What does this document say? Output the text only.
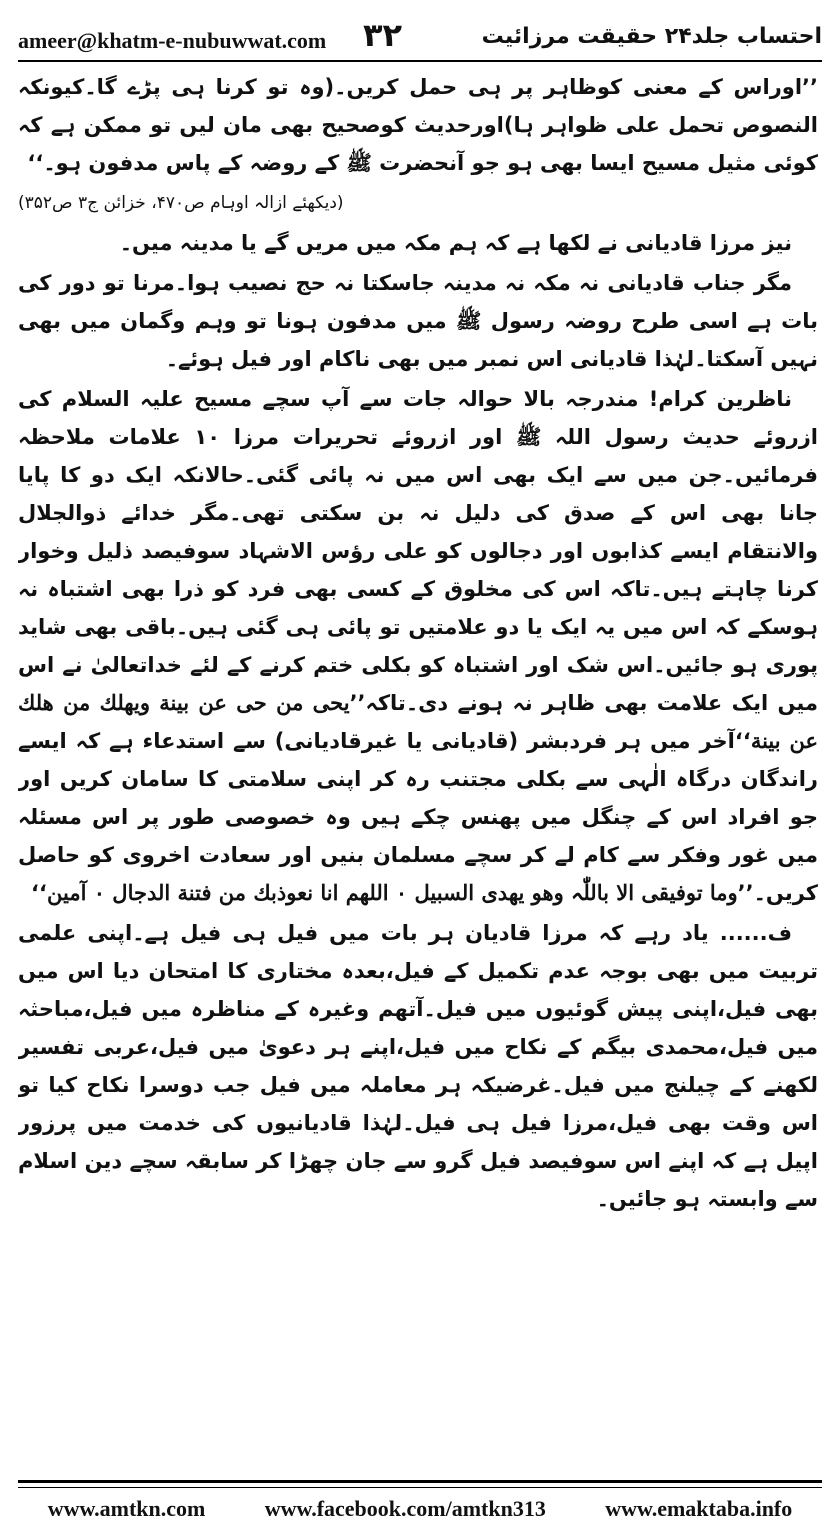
ameer@khatm-e-nubuwwat.com ۳۲	احتساب جلد۲۴ حقیقت مرزائیت

’’اوراس کے معنی کوظاہر پر ہی حمل کریں۔(وہ تو کرنا ہی پڑے گا۔کیونکہ النصوص تحمل علی ظواہر ہا)اورحدیث کوصحیح بھی مان لیں تو ممکن ہے کہ کوئی مثیل مسیح ایسا بھی ہو جو آنحضرت ﷺ کے روضہ کے پاس مدفون ہو۔‘‘

(دیکھئے ازالہ اوہام ص۴۷۰، خزائن ج۳ ص۳۵۲)

نیز مرزا قادیانی نے لکھا ہے کہ ہم مکہ میں مریں گے یا مدینہ میں۔

مگر جناب قادیانی نہ مکہ نہ مدینہ جاسکتا نہ حج نصیب ہوا۔مرنا تو دور کی بات ہے اسی طرح روضہ رسول ﷺ میں مدفون ہونا تو وہم وگمان میں بھی نہیں آسکتا۔لہٰذا قادیانی اس نمبر میں بھی ناکام اور فیل ہوئے۔

ناظرین کرام! مندرجہ بالا حوالہ جات سے آپ سچے مسیح علیہ السلام کی ازروئے حدیث رسول اللہ ﷺ اور ازروئے تحریرات مرزا ۱۰ علامات ملاحظہ فرمائیں۔جن میں سے ایک بھی اس میں نہ پائی گئی۔حالانکہ ایک دو کا پایا جانا بھی اس کے صدق کی دلیل نہ بن سکتی تھی۔مگر خدائے ذوالجلال والانتقام ایسے کذابوں اور دجالوں کو علی رؤس الاشہاد سوفیصد ذلیل وخوار کرنا چاہتے ہیں۔تاکہ اس کی مخلوق کے کسی بھی فرد کو ذرا بھی اشتباہ نہ ہوسکے کہ اس میں یہ ایک یا دو علامتیں تو پائی ہی گئی ہیں۔باقی بھی شاید پوری ہو جائیں۔اس شک اور اشتباہ کو بکلی ختم کرنے کے لئے خداتعالیٰ نے اس میں ایک علامت بھی ظاہر نہ ہونے دی۔تاکہ’’یحی من حی عن بینة ویهلك من هلك عن بینة‘‘آخر میں ہر فردبشر (قادیانی یا غیرقادیانی) سے استدعاء ہے کہ ایسے راندگان درگاہ الٰہی سے بکلی مجتنب رہ کر اپنی سلامتی کا سامان کریں اور جو افراد اس کے چنگل میں پھنس چکے ہیں وہ خصوصی طور پر اس مسئلہ میں غور وفکر سے کام لے کر سچے مسلمان بنیں اور سعادت اخروی کو حاصل کریں۔’’وما توفیقی الا باللّٰہ وهو یهدی السبیل ۰ اللهم انا نعوذبك من فتنة الدجال ۰ آمین‘‘

ف...... یاد رہے کہ مرزا قادیان ہر بات میں فیل ہی فیل ہے۔اپنی علمی تربیت میں بھی بوجہ عدم تکمیل کے فیل،بعدہ مختاری کا امتحان دیا اس میں بھی فیل،اپنی پیش گوئیوں میں فیل۔آتھم وغیرہ کے مناظرہ میں فیل،مباحثہ میں فیل،محمدی بیگم کے نکاح میں فیل،اپنے ہر دعویٰ میں فیل،عربی تفسیر لکھنے کے چیلنج میں فیل۔غرضیکہ ہر معاملہ میں فیل جب دوسرا نکاح کیا تو اس وقت بھی فیل،مرزا فیل ہی فیل۔لہٰذا قادیانیوں کی خدمت میں پرزور اپیل ہے کہ اپنے اس سوفیصد فیل گرو سے جان چھڑا کر سابقہ سچے دین اسلام سے وابستہ ہو جائیں۔

www.amtkn.com	www.facebook.com/amtkn313	www.emaktaba.info
